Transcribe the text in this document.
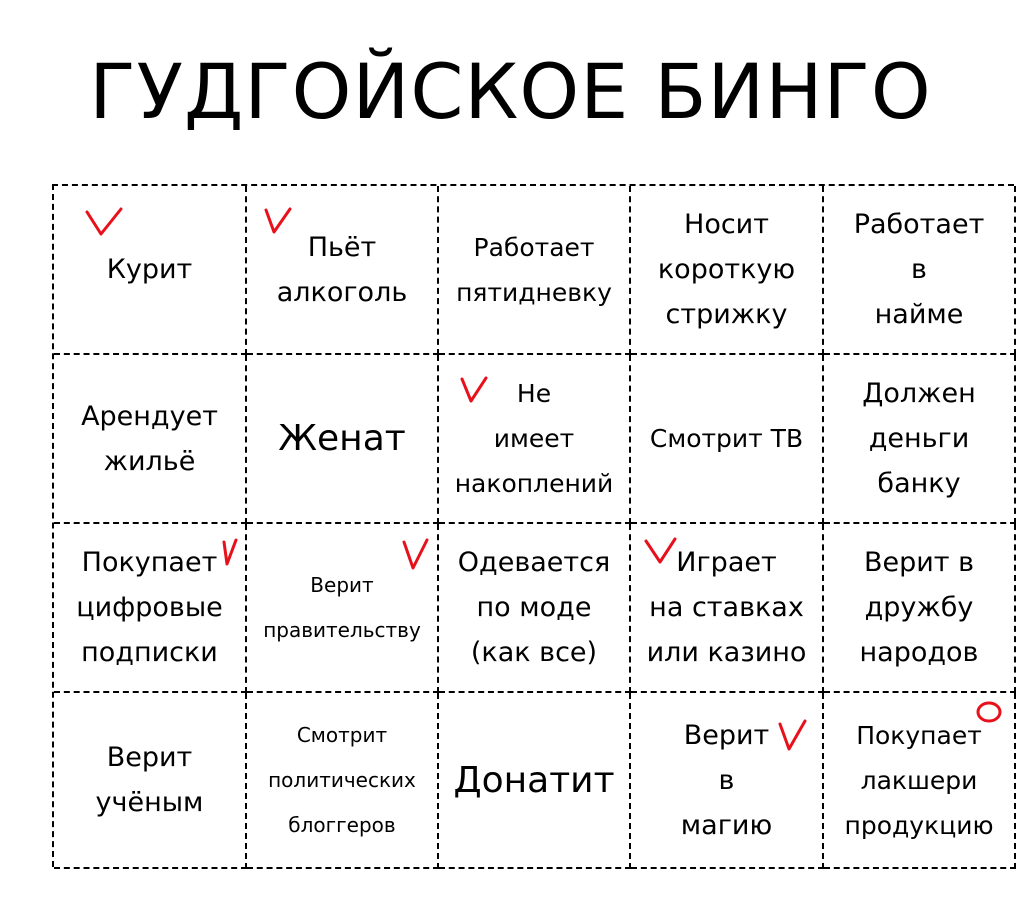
ГУДГОЙСКОЕ БИНГО
Курит
Пьёт
алкоголь
Работает
пятидневку
Носит
короткую
стрижку
Работает
в
найме
Арендует
жильё
Женат
Не
имеет
накоплений
Смотрит ТВ
Должен
деньги
банку
Покупает
цифровые
подписки
Верит
правительству
Одевается
по моде
(как все)
Играет
на ставках
или казино
Верит в
дружбу
народов
Верит
учёным
Смотрит
политических
блоггеров
Донатит
Верит
в
магию
Покупает
лакшери
продукцию
